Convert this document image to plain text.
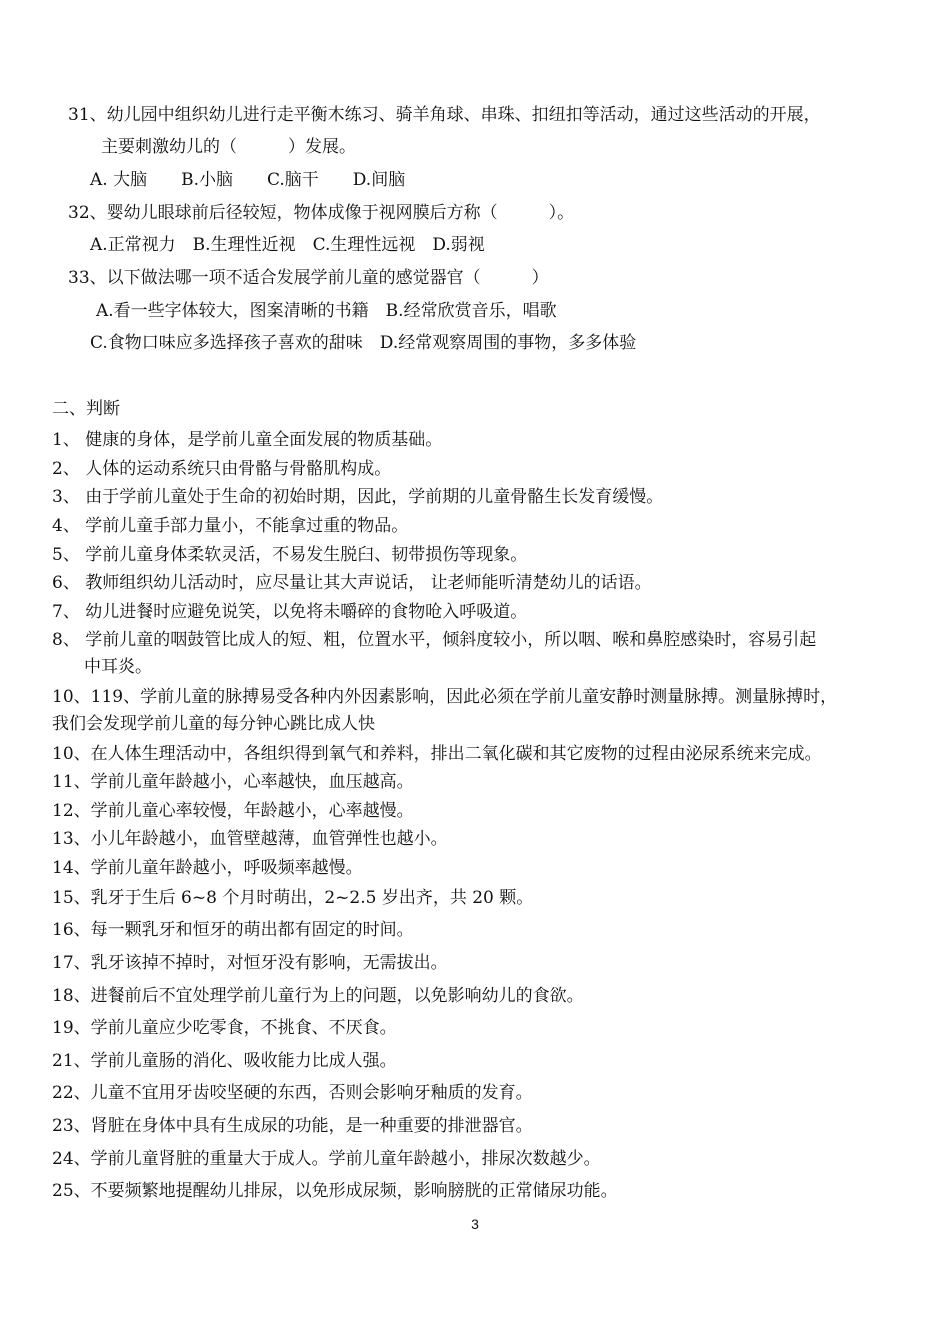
31、幼儿园中组织幼儿进行走平衡木练习、骑羊角球、串珠、扣纽扣等活动，通过这些活动的开展，
主要刺激幼儿的（　　　）发展。
A. 大脑　　B.小脑　　C.脑干　　D.间脑
32、婴幼儿眼球前后径较短，物体成像于视网膜后方称（　　　）。
A.正常视力　B.生理性近视　C.生理性远视　D.弱视
33、以下做法哪一项不适合发展学前儿童的感觉器官（　　　）
A.看一些字体较大，图案清晰的书籍　B.经常欣赏音乐，唱歌
C.食物口味应多选择孩子喜欢的甜味　D.经常观察周围的事物，多多体验
二、判断
1、 健康的身体，是学前儿童全面发展的物质基础。
2、 人体的运动系统只由骨骼与骨骼肌构成。
3、 由于学前儿童处于生命的初始时期，因此，学前期的儿童骨骼生长发育缓慢。
4、 学前儿童手部力量小，不能拿过重的物品。
5、 学前儿童身体柔软灵活，不易发生脱臼、韧带损伤等现象。
6、 教师组织幼儿活动时，应尽量让其大声说话， 让老师能听清楚幼儿的话语。
7、 幼儿进餐时应避免说笑，以免将未嚼碎的食物呛入呼吸道。
8、 学前儿童的咽鼓管比成人的短、粗，位置水平，倾斜度较小，所以咽、喉和鼻腔感染时，容易引起
中耳炎。
10、119、学前儿童的脉搏易受各种内外因素影响，因此必须在学前儿童安静时测量脉搏。测量脉搏时，
我们会发现学前儿童的每分钟心跳比成人快
10、在人体生理活动中，各组织得到氧气和养料，排出二氧化碳和其它废物的过程由泌尿系统来完成。
11、学前儿童年龄越小，心率越快，血压越高。
12、学前儿童心率较慢，年龄越小，心率越慢。
13、小儿年龄越小，血管壁越薄，血管弹性也越小。
14、学前儿童年龄越小，呼吸频率越慢。
15、乳牙于生后 6~8 个月时萌出，2~2.5 岁出齐，共 20 颗。
16、每一颗乳牙和恒牙的萌出都有固定的时间。
17、乳牙该掉不掉时，对恒牙没有影响，无需拔出。
18、进餐前后不宜处理学前儿童行为上的问题，以免影响幼儿的食欲。
19、学前儿童应少吃零食，不挑食、不厌食。
21、学前儿童肠的消化、吸收能力比成人强。
22、儿童不宜用牙齿咬坚硬的东西，否则会影响牙釉质的发育。
23、肾脏在身体中具有生成尿的功能，是一种重要的排泄器官。
24、学前儿童肾脏的重量大于成人。学前儿童年龄越小，排尿次数越少。
25、不要频繁地提醒幼儿排尿，以免形成尿频，影响膀胱的正常储尿功能。
3
